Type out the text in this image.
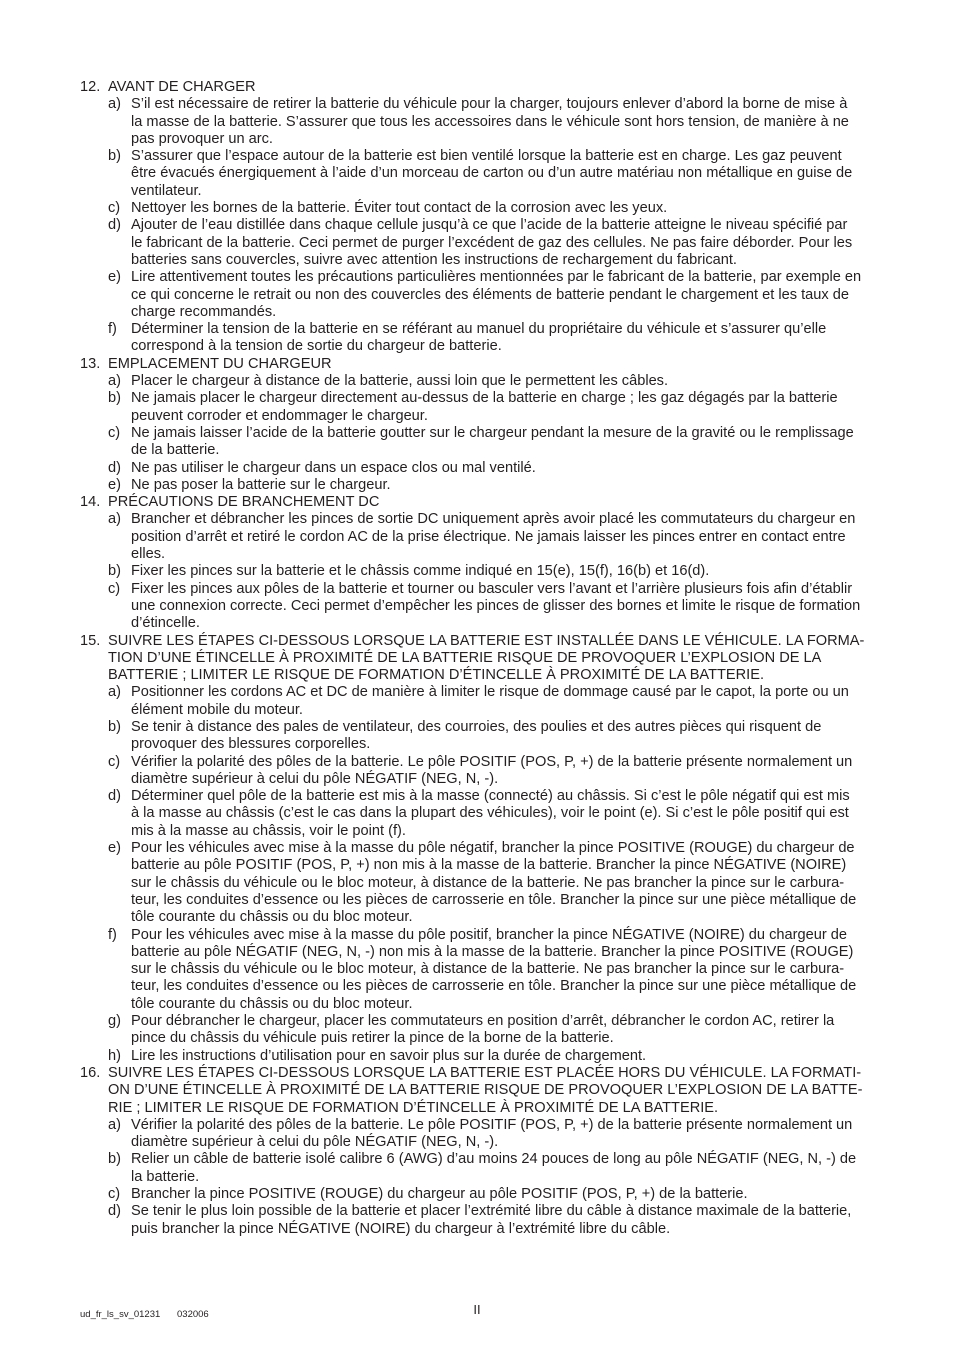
12. AVANT DE CHARGER
a) S’il est nécessaire de retirer la batterie du véhicule pour la charger, toujours enlever d’abord la borne de mise à
la masse de la batterie. S’assurer que tous les accessoires dans le véhicule sont hors tension, de manière à ne
pas provoquer un arc.
b) S’assurer que l’espace autour de la batterie est bien ventilé lorsque la batterie est en charge. Les gaz peuvent
être évacués énergiquement à l’aide d’un morceau de carton ou d’un autre matériau non métallique en guise de
ventilateur.
c) Nettoyer les bornes de la batterie. Éviter tout contact de la corrosion avec les yeux.
d) Ajouter de l’eau distillée dans chaque cellule jusqu’à ce que l’acide de la batterie atteigne le niveau spécifié par
le fabricant de la batterie. Ceci permet de purger l’excédent de gaz des cellules. Ne pas faire déborder. Pour les
batteries sans couvercles, suivre avec attention les instructions de rechargement du fabricant.
e) Lire attentivement toutes les précautions particulières mentionnées par le fabricant de la batterie, par exemple en
ce qui concerne le retrait ou non des couvercles des éléments de batterie pendant le chargement et les taux de
charge recommandés.
f) Déterminer la tension de la batterie en se référant au manuel du propriétaire du véhicule et s’assurer qu’elle
correspond à la tension de sortie du chargeur de batterie.
13. EMPLACEMENT DU CHARGEUR
a) Placer le chargeur à distance de la batterie, aussi loin que le permettent les câbles.
b) Ne jamais placer le chargeur directement au-dessus de la batterie en charge ; les gaz dégagés par la batterie
peuvent corroder et endommager le chargeur.
c) Ne jamais laisser l’acide de la batterie goutter sur le chargeur pendant la mesure de la gravité ou le remplissage
de la batterie.
d) Ne pas utiliser le chargeur dans un espace clos ou mal ventilé.
e) Ne pas poser la batterie sur le chargeur.
14. PRÉCAUTIONS DE BRANCHEMENT DC
a) Brancher et débrancher les pinces de sortie DC uniquement après avoir placé les commutateurs du chargeur en
position d’arrêt et retiré le cordon AC de la prise électrique. Ne jamais laisser les pinces entrer en contact entre
elles.
b) Fixer les pinces sur la batterie et le châssis comme indiqué en 15(e), 15(f), 16(b) et 16(d).
c) Fixer les pinces aux pôles de la batterie et tourner ou basculer vers l’avant et l’arrière plusieurs fois afin d’établir
une connexion correcte. Ceci permet d’empêcher les pinces de glisser des bornes et limite le risque de formation
d’étincelle.
15. SUIVRE LES ÉTAPES CI-DESSOUS LORSQUE LA BATTERIE EST INSTALLÉE DANS LE VÉHICULE. LA FORMA-
TION D’UNE ÉTINCELLE À PROXIMITÉ DE LA BATTERIE RISQUE DE PROVOQUER L’EXPLOSION DE LA
BATTERIE ; LIMITER LE RISQUE DE FORMATION D’ÉTINCELLE À PROXIMITÉ DE LA BATTERIE.
a) Positionner les cordons AC et DC de manière à limiter le risque de dommage causé par le capot, la porte ou un
élément mobile du moteur.
b) Se tenir à distance des pales de ventilateur, des courroies, des poulies et des autres pièces qui risquent de
provoquer des blessures corporelles.
c) Vérifier la polarité des pôles de la batterie. Le pôle POSITIF (POS, P, +) de la batterie présente normalement un
diamètre supérieur à celui du pôle NÉGATIF (NEG, N, -).
d) Déterminer quel pôle de la batterie est mis à la masse (connecté) au châssis. Si c’est le pôle négatif qui est mis
à la masse au châssis (c’est le cas dans la plupart des véhicules), voir le point (e). Si c’est le pôle positif qui est
mis à la masse au châssis, voir le point (f).
e) Pour les véhicules avec mise à la masse du pôle négatif, brancher la pince POSITIVE (ROUGE) du chargeur de
batterie au pôle POSITIF (POS, P, +) non mis à la masse de la batterie. Brancher la pince NÉGATIVE (NOIRE)
sur le châssis du véhicule ou le bloc moteur, à distance de la batterie. Ne pas brancher la pince sur le carbura-
teur, les conduites d’essence ou les pièces de carrosserie en tôle. Brancher la pince sur une pièce métallique de
tôle courante du châssis ou du bloc moteur.
f) Pour les véhicules avec mise à la masse du pôle positif, brancher la pince NÉGATIVE (NOIRE) du chargeur de
batterie au pôle NÉGATIF (NEG, N, -) non mis à la masse de la batterie. Brancher la pince POSITIVE (ROUGE)
sur le châssis du véhicule ou le bloc moteur, à distance de la batterie. Ne pas brancher la pince sur le carbura-
teur, les conduites d’essence ou les pièces de carrosserie en tôle. Brancher la pince sur une pièce métallique de
tôle courante du châssis ou du bloc moteur.
g) Pour débrancher le chargeur, placer les commutateurs en position d’arrêt, débrancher le cordon AC, retirer la
pince du châssis du véhicule puis retirer la pince de la borne de la batterie.
h) Lire les instructions d’utilisation pour en savoir plus sur la durée de chargement.
16. SUIVRE LES ÉTAPES CI-DESSOUS LORSQUE LA BATTERIE EST PLACÉE HORS DU VÉHICULE. LA FORMATI-
ON D’UNE ÉTINCELLE À PROXIMITÉ DE LA BATTERIE RISQUE DE PROVOQUER L’EXPLOSION DE LA BATTE-
RIE ; LIMITER LE RISQUE DE FORMATION D’ÉTINCELLE À PROXIMITÉ DE LA BATTERIE.
a) Vérifier la polarité des pôles de la batterie. Le pôle POSITIF (POS, P, +) de la batterie présente normalement un
diamètre supérieur à celui du pôle NÉGATIF (NEG, N, -).
b) Relier un câble de batterie isolé calibre 6 (AWG) d’au moins 24 pouces de long au pôle NÉGATIF (NEG, N, -) de
la batterie.
c) Brancher la pince POSITIVE (ROUGE) du chargeur au pôle POSITIF (POS, P, +) de la batterie.
d) Se tenir le plus loin possible de la batterie et placer l’extrémité libre du câble à distance maximale de la batterie,
puis brancher la pince NÉGATIVE (NOIRE) du chargeur à l’extrémité libre du câble.
II
ud_fr_ls_sv_01231 032006
